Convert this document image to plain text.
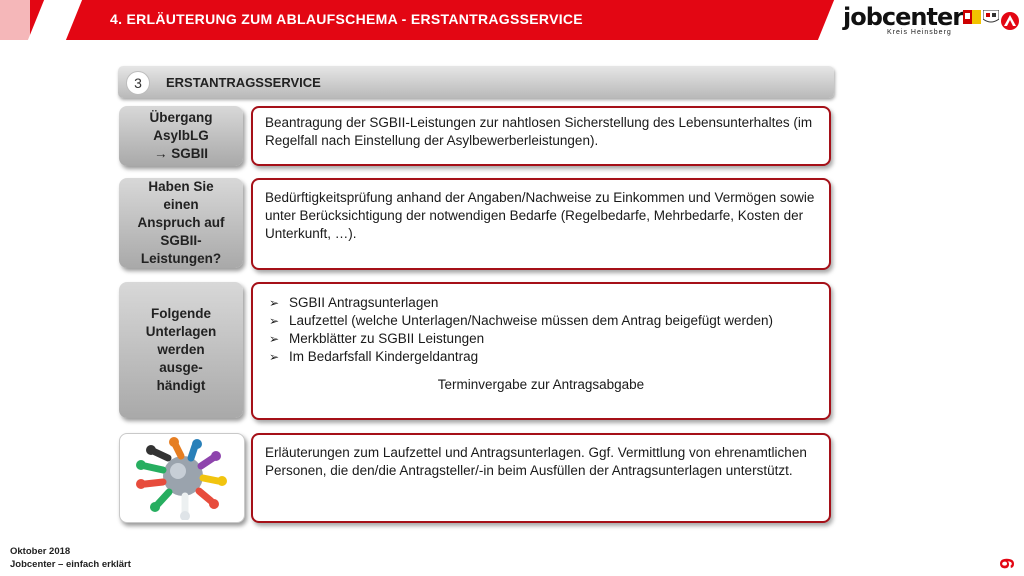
4. ERLÄUTERUNG ZUM ABLAUFSCHEMA - ERSTANTRAGSSERVICE	jobcenter
Kreis Heinsberg
3	ERSTANTRAGSSERVICE
Übergang
AsylbLG
→ SGBII
Beantragung der SGBII-Leistungen zur nahtlosen Sicherstellung des Lebensunterhaltes (im Regelfall nach Einstellung der Asylbewerberleistungen).
Haben Sie
einen
Anspruch auf
SGBII-
Leistungen?
Bedürftigkeitsprüfung anhand der Angaben/Nachweise zu Einkommen und Vermögen sowie unter Berücksichtigung der notwendigen Bedarfe (Regelbedarfe, Mehrbedarfe, Kosten der Unterkunft, …).
Folgende
Unterlagen
werden
ausge-
händigt
➢ SGBII Antragsunterlagen
➢ Laufzettel (welche Unterlagen/Nachweise müssen dem Antrag beigefügt werden)
➢ Merkblätter zu SGBII Leistungen
➢ Im Bedarfsfall Kindergeldantrag
Terminvergabe zur Antragsabgabe
Erläuterungen zum Laufzettel und Antragsunterlagen. Ggf. Vermittlung von ehrenamtlichen Personen, die den/die Antragsteller/-in beim Ausfüllen der Antragsunterlagen unterstützt.
Oktober 2018
Jobcenter – einfach erklärt	6
